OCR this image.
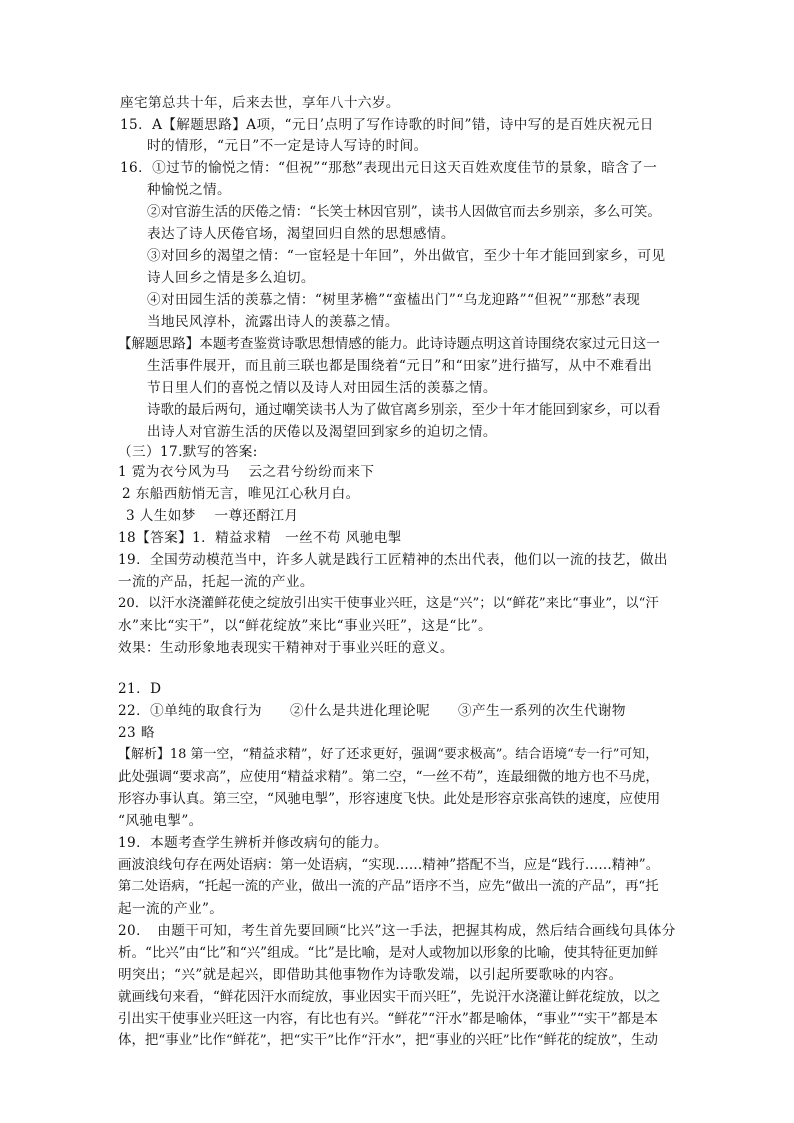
座宅第总共十年，后来去世，享年八十六岁。
15．A【解题思路】A项，“元日’点明了写作诗歌的时间”错，诗中写的是百姓庆祝元日
时的情形，“元日”不一定是诗人写诗的时间。
16．①过节的愉悦之情：“但祝”“那愁”表现出元日这天百姓欢度佳节的景象，暗含了一
种愉悦之情。
②对官游生活的厌倦之情：“长笑士林因官别”，读书人因做官而去乡别亲，多么可笑。
表达了诗人厌倦官场，渴望回归自然的思想感情。
③对回乡的渴望之情：“一宦轻是十年回”，外出做官，至少十年才能回到家乡，可见
诗人回乡之情是多么迫切。
④对田园生活的羡慕之情：“树里茅檐”“蛮榼出门”“乌龙迎路”“但祝”“那愁”表现
当地民风淳朴，流露出诗人的羡慕之情。
【解题思路】本题考查鉴赏诗歌思想情感的能力。此诗诗题点明这首诗围绕农家过元日这一
生活事件展开，而且前三联也都是围绕着“元日”和“田家”进行描写，从中不难看出
节日里人们的喜悦之情以及诗人对田园生活的羡慕之情。
诗歌的最后两句，通过嘲笑读书人为了做官离乡别亲，至少十年才能回到家乡，可以看
出诗人对官游生活的厌倦以及渴望回到家乡的迫切之情。
（三）17.默写的答案:
1 霓为衣兮风为马　 云之君兮纷纷而来下
2 东船西舫悄无言，唯见江心秋月白。
3 人生如梦　 一尊还酹江月
18【答案】1．精益求精　一丝不苟 风驰电掣
19．全国劳动模范当中，许多人就是践行工匠精神的杰出代表，他们以一流的技艺，做出
一流的产品，托起一流的产业。
20．以汗水浇灌鲜花使之绽放引出实干使事业兴旺，这是“兴”；以“鲜花”来比“事业”，以“汗
水”来比“实干”，以“鲜花绽放”来比“事业兴旺”，这是“比”。
效果：生动形象地表现实干精神对于事业兴旺的意义。
21．D
22．①单纯的取食行为　　②什么是共进化理论呢　　③产生一系列的次生代谢物
23 略
【解析】18 第一空，“精益求精”，好了还求更好，强调“要求极高”。结合语境“专一行”可知，
此处强调“要求高”，应使用“精益求精”。第二空，“一丝不苟”，连最细微的地方也不马虎，
形容办事认真。第三空，“风驰电掣”，形容速度飞快。此处是形容京张高铁的速度，应使用
“风驰电掣”。
19．本题考查学生辨析并修改病句的能力。
画波浪线句存在两处语病：第一处语病，“实现……精神”搭配不当，应是“践行……精神”。
第二处语病，“托起一流的产业，做出一流的产品”语序不当，应先“做出一流的产品”，再“托
起一流的产业”。
20．　由题干可知，考生首先要回顾“比兴”这一手法，把握其构成，然后结合画线句具体分
析。“比兴”由“比”和“兴”组成。“比”是比喻，是对人或物加以形象的比喻，使其特征更加鲜
明突出；“兴”就是起兴，即借助其他事物作为诗歌发端，以引起所要歌咏的内容。
就画线句来看，“鲜花因汗水而绽放，事业因实干而兴旺”，先说汗水浇灌让鲜花绽放，以之
引出实干使事业兴旺这一内容，有比也有兴。“鲜花”“汗水”都是喻体，“事业”“实干”都是本
体，把“事业”比作“鲜花”，把“实干”比作“汗水”，把“事业的兴旺”比作“鲜花的绽放”，生动
